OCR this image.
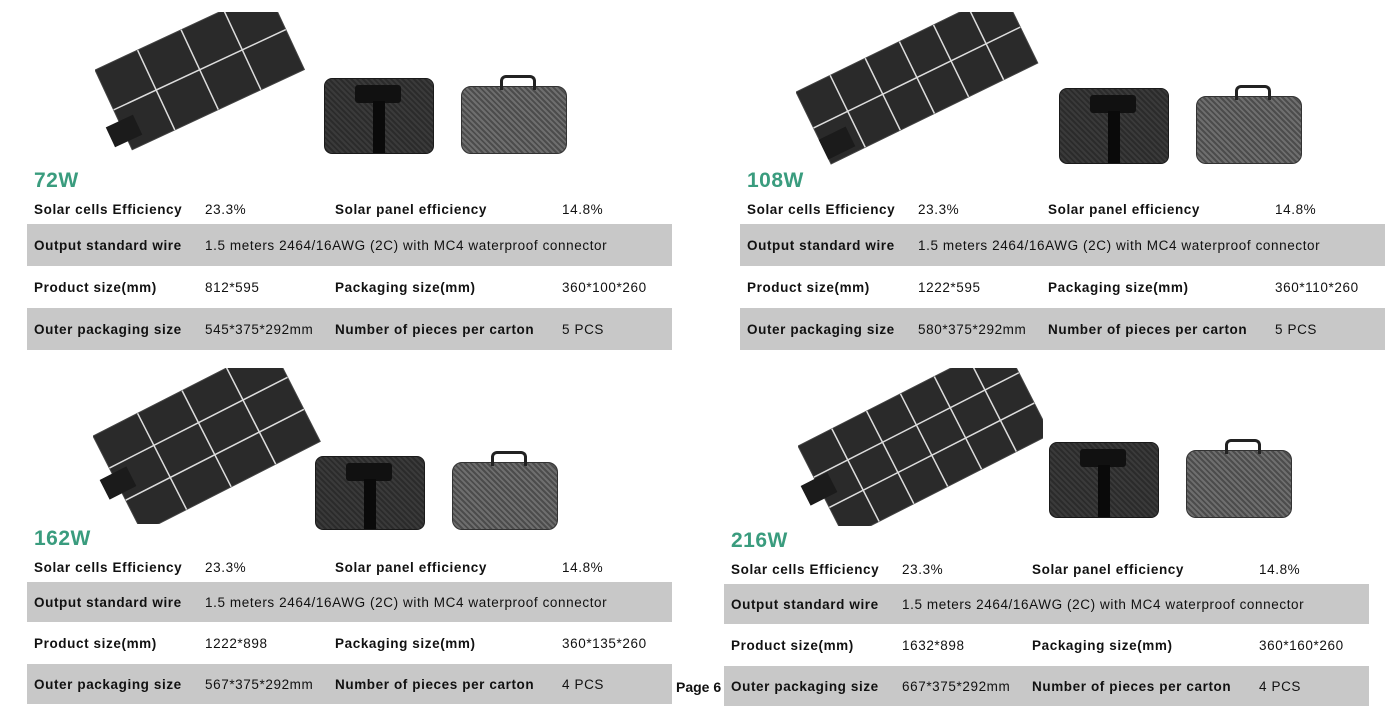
72W
Solar cells Efficiency	23.3%	Solar panel efficiency	14.8%
Output standard wire	1.5 meters 2464/16AWG (2C) with MC4 waterproof connector		
Product size(mm)	812*595	Packaging size(mm)	360*100*260
Outer packaging size	545*375*292mm	Number of pieces per carton	5 PCS
108W
Solar cells Efficiency	23.3%	Solar panel efficiency	14.8%
Output standard wire	1.5 meters 2464/16AWG (2C) with MC4 waterproof connector		
Product size(mm)	1222*595	Packaging size(mm)	360*110*260
Outer packaging size	580*375*292mm	Number of pieces per carton	5 PCS
162W
Solar cells Efficiency	23.3%	Solar panel efficiency	14.8%
Output standard wire	1.5 meters 2464/16AWG (2C) with MC4 waterproof connector		
Product size(mm)	1222*898	Packaging size(mm)	360*135*260
Outer packaging size	567*375*292mm	Number of pieces per carton	4 PCS
216W
Solar cells Efficiency	23.3%	Solar panel efficiency	14.8%
Output standard wire	1.5 meters 2464/16AWG (2C) with MC4 waterproof connector		
Product size(mm)	1632*898	Packaging size(mm)	360*160*260
Outer packaging size	667*375*292mm	Number of pieces per carton	4 PCS
Page 6
